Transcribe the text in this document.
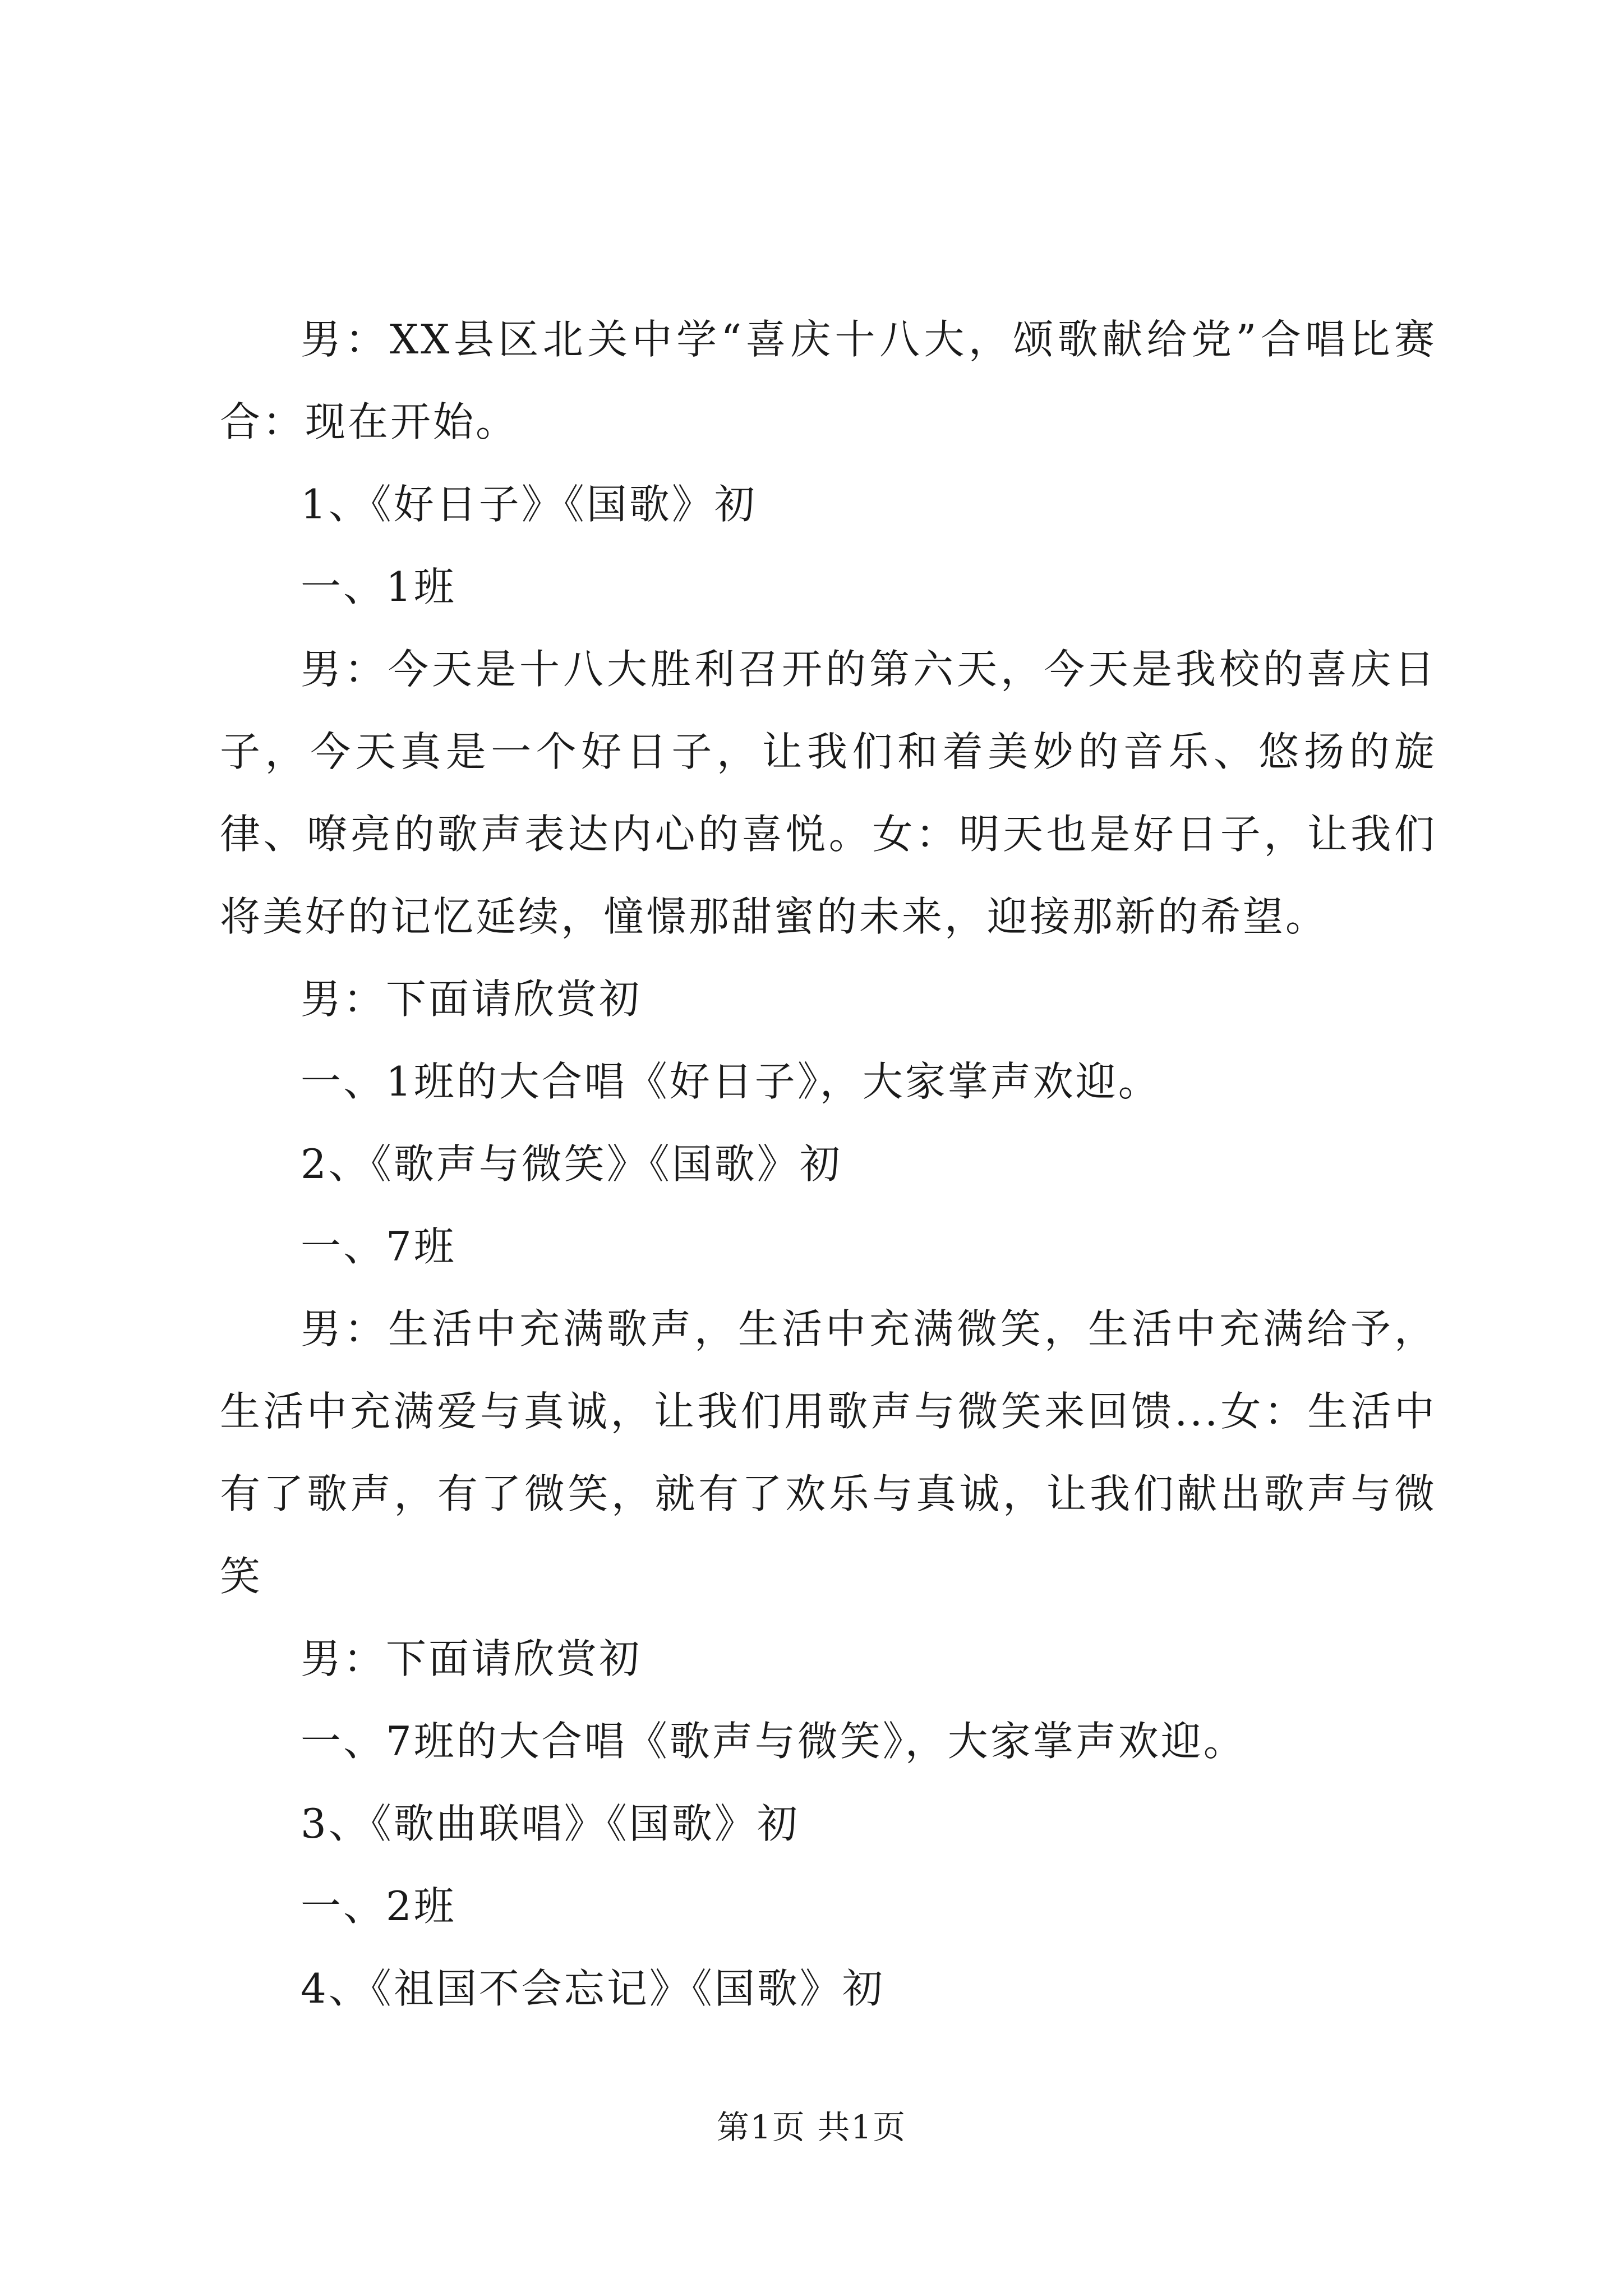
男：XX县区北关中学“喜庆十八大，颂歌献给党”合唱比赛合：现在开始。

1、《好日子》《国歌》初

一、1班

男：今天是十八大胜利召开的第六天，今天是我校的喜庆日子，今天真是一个好日子，让我们和着美妙的音乐、悠扬的旋律、嘹亮的歌声表达内心的喜悦。女：明天也是好日子，让我们将美好的记忆延续，憧憬那甜蜜的未来，迎接那新的希望。

男：下面请欣赏初

一、1班的大合唱《好日子》，大家掌声欢迎。

2、《歌声与微笑》《国歌》初

一、7班

男：生活中充满歌声，生活中充满微笑，生活中充满给予，生活中充满爱与真诚，让我们用歌声与微笑来回馈...女：生活中有了歌声，有了微笑，就有了欢乐与真诚，让我们献出歌声与微笑

男：下面请欣赏初

一、7班的大合唱《歌声与微笑》，大家掌声欢迎。

3、《歌曲联唱》《国歌》初

一、2班

4、《祖国不会忘记》《国歌》初

第1页 共1页
